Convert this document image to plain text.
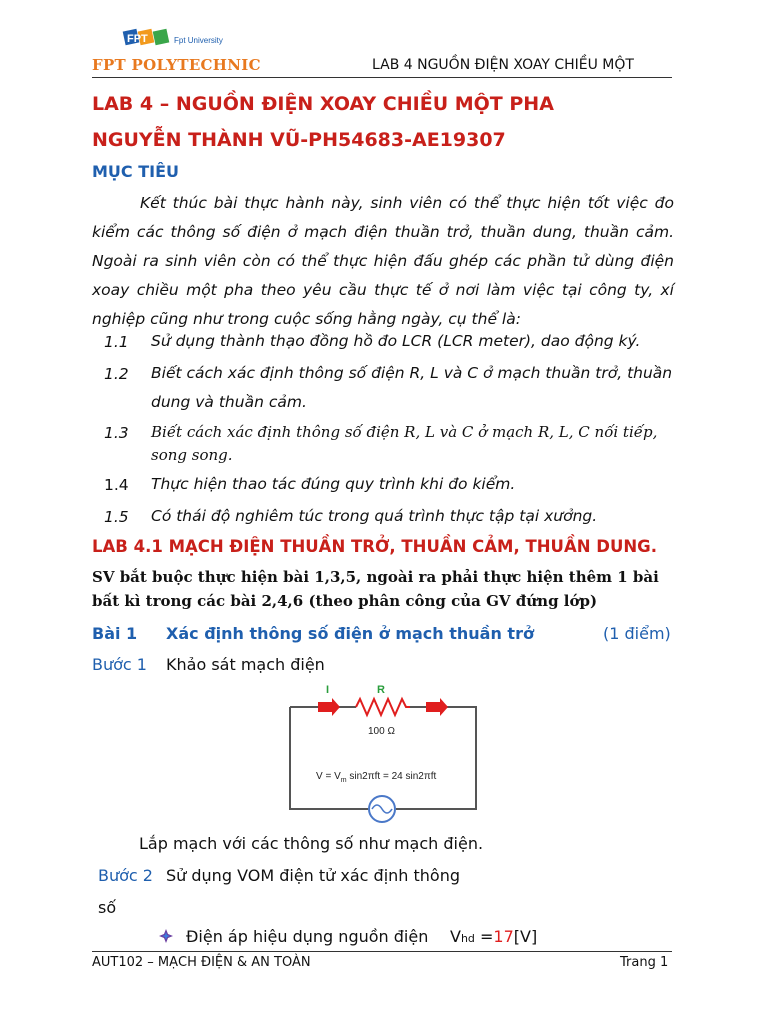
FPT	Fpt University
FPT POLYTECHNIC	LAB 4 NGUỒN ĐIỆN XOAY CHIỀU MỘT
LAB 4 – NGUỒN ĐIỆN XOAY CHIỀU MỘT PHA
NGUYỄN THÀNH VŨ-PH54683-AE19307
MỤC TIÊU
Kết thúc bài thực hành này, sinh viên có thể thực hiện tốt việc đo kiểm các thông số điện ở mạch điện thuần trở, thuần dung, thuần cảm. Ngoài ra sinh viên còn có thể thực hiện đấu ghép các phần tử dùng điện xoay chiều một pha theo yêu cầu thực tế ở nơi làm việc tại công ty, xí nghiệp cũng như trong cuộc sống hằng ngày, cụ thể là:
1.1 Sử dụng thành thạo đồng hồ đo LCR (LCR meter), dao động ký.
1.2 Biết cách xác định thông số điện R, L và C ở mạch thuần trở, thuần
dung và thuần cảm.
1.3 Biết cách xác định thông số điện R, L và C ở mạch R, L, C nối tiếp,
song song.
1.4 Thực hiện thao tác đúng quy trình khi đo kiểm.
1.5 Có thái độ nghiêm túc trong quá trình thực tập tại xưởng.
LAB 4.1 MẠCH ĐIỆN THUẦN TRỞ, THUẦN CẢM, THUẦN DUNG.
SV bắt buộc thực hiện bài 1,3,5, ngoài ra phải thực hiện thêm 1 bài bất kì trong các bài 2,4,6 (theo phân công của GV đứng lớp)
Bài 1 Xác định thông số điện ở mạch thuần trở	(1 điểm)
Bước 1 Khảo sát mạch điện
I	R
100 Ω
$V = V_m$ sin2πft = 24 sin2πft
Lắp mạch với các thông số như mạch điện.
Bước 2 Sử dụng VOM điện tử xác định thông
số
Điện áp hiệu dụng nguồn điện Vhd =17[V]
AUT102 – MẠCH ĐIỆN & AN TOÀN	Trang 1
